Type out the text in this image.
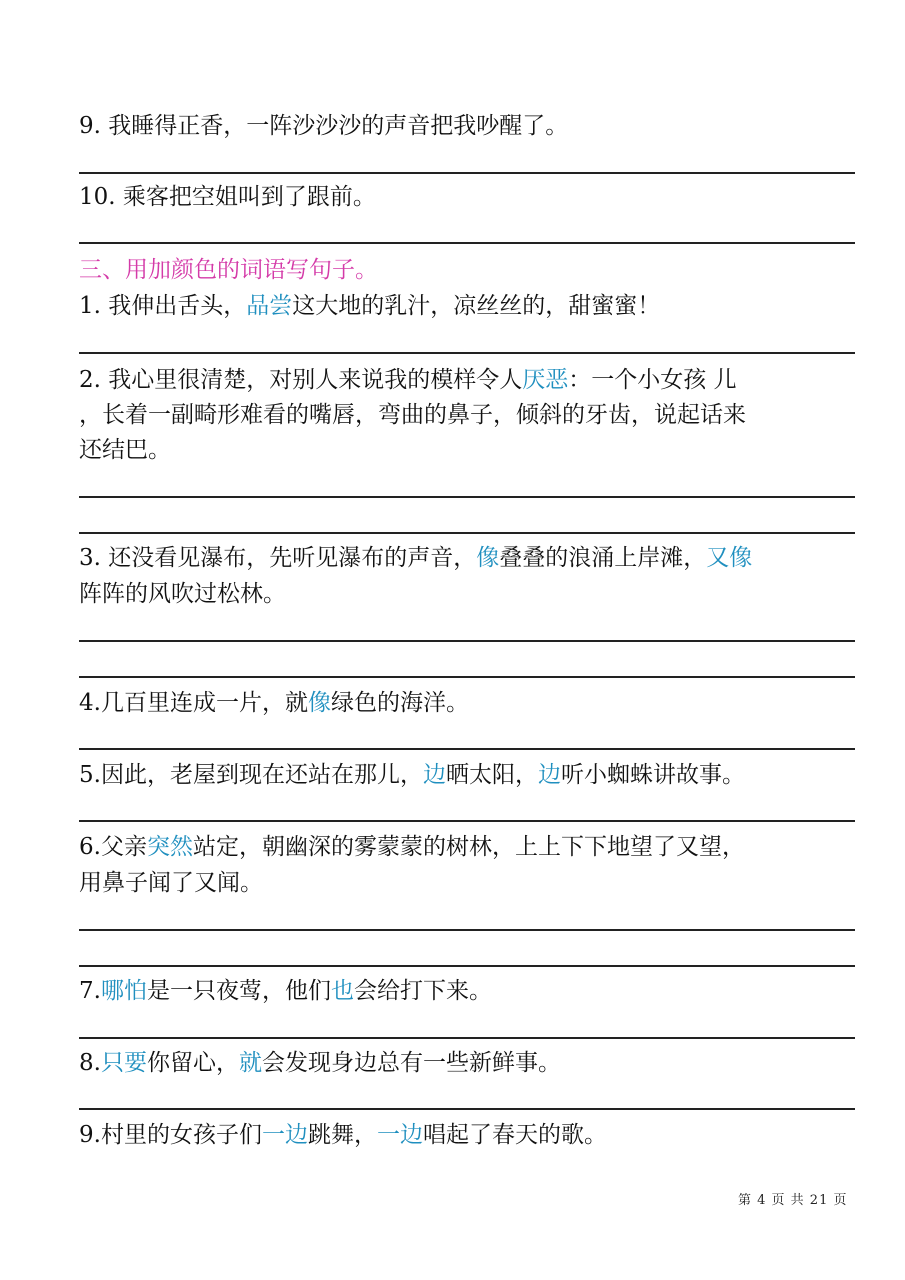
9. 我睡得正香，一阵沙沙沙的声音把我吵醒了。
10. 乘客把空姐叫到了跟前。
三、用加颜色的词语写句子。
1. 我伸出舌头，品尝这大地的乳汁，凉丝丝的，甜蜜蜜！
2. 我心里很清楚，对别人来说我的模样令人厌恶：一个小女孩 儿
，长着一副畸形难看的嘴唇，弯曲的鼻子，倾斜的牙齿，说起话来
还结巴。
3. 还没看见瀑布，先听见瀑布的声音，像叠叠的浪涌上岸滩，又像
阵阵的风吹过松林。
4.几百里连成一片，就像绿色的海洋。
5.因此，老屋到现在还站在那儿，边晒太阳，边听小蜘蛛讲故事。
6.父亲突然站定，朝幽深的雾蒙蒙的树林，上上下下地望了又望，
用鼻子闻了又闻。
7.哪怕是一只夜莺，他们也会给打下来。
8.只要你留心，就会发现身边总有一些新鲜事。
9.村里的女孩子们一边跳舞，一边唱起了春天的歌。
第 4 页 共 21 页
